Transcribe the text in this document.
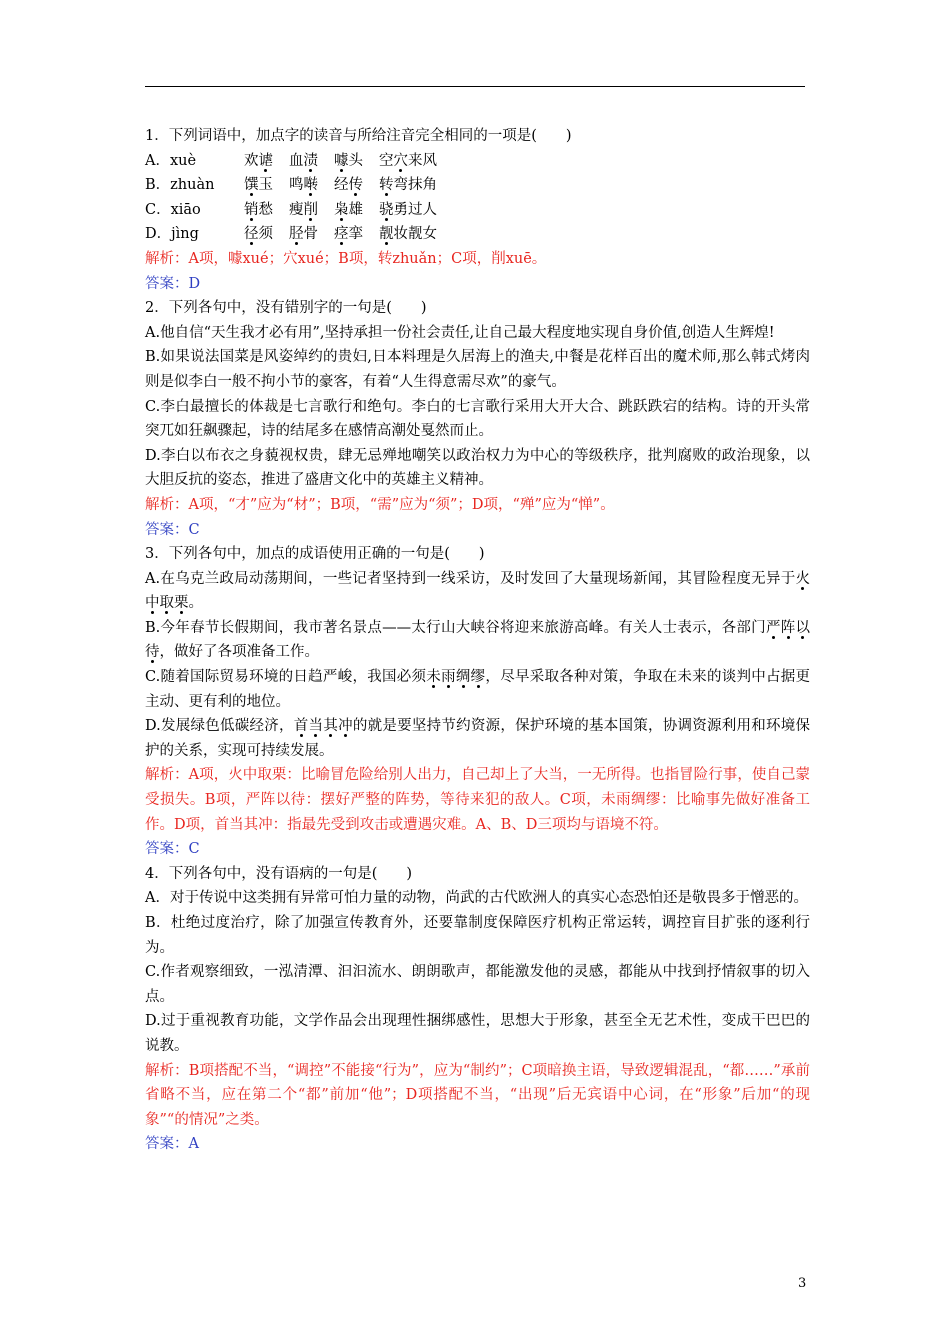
1．下列词语中，加点字的读音与所给注音完全相同的一项是(　　)
A．xuè	欢谑 血渍 噱头 空穴来风
B．zhuàn 馔玉 鸣啭 经传 转弯抹角
C．xiāo	销愁 瘦削 枭雄 骁勇过人
D．jìng	径须 胫骨 痉挛 靓妆靓女
解析：A项，噱xué；穴xué；B项，转zhuǎn；C项，削xuē。
答案：D
2．下列各句中，没有错别字的一句是(　　)
A.他自信“天生我才必有用”,坚持承担一份社会责任,让自己最大程度地实现自身价值,创造人生辉煌!
B.如果说法国菜是风姿绰约的贵妇,日本料理是久居海上的渔夫,中餐是花样百出的魔术师,那么韩式烤肉则是似李白一般不拘小节的豪客，有着“人生得意需尽欢”的豪气。
C.李白最擅长的体裁是七言歌行和绝句。李白的七言歌行采用大开大合、跳跃跌宕的结构。诗的开头常突兀如狂飙骤起，诗的结尾多在感情高潮处戛然而止。
D.李白以布衣之身藐视权贵，肆无忌殚地嘲笑以政治权力为中心的等级秩序，批判腐败的政治现象，以大胆反抗的姿态，推进了盛唐文化中的英雄主义精神。
解析：A项，“才”应为“材”；B项，“需”应为“须”；D项，“殚”应为“惮”。
答案：C
3．下列各句中，加点的成语使用正确的一句是(　　)
A.在乌克兰政局动荡期间，一些记者坚持到一线采访，及时发回了大量现场新闻，其冒险程度无异于火中取栗。
B.今年春节长假期间，我市著名景点——太行山大峡谷将迎来旅游高峰。有关人士表示，各部门严阵以待，做好了各项准备工作。
C.随着国际贸易环境的日趋严峻，我国必须未雨绸缪，尽早采取各种对策，争取在未来的谈判中占据更主动、更有利的地位。
D.发展绿色低碳经济，首当其冲的就是要坚持节约资源，保护环境的基本国策，协调资源利用和环境保护的关系，实现可持续发展。
解析：A项，火中取栗：比喻冒危险给别人出力，自己却上了大当，一无所得。也指冒险行事，使自己蒙受损失。B项，严阵以待：摆好严整的阵势，等待来犯的敌人。C项，未雨绸缪：比喻事先做好准备工作。D项，首当其冲：指最先受到攻击或遭遇灾难。A、B、D三项均与语境不符。
答案：C
4．下列各句中，没有语病的一句是(　　)
A．对于传说中这类拥有异常可怕力量的动物，尚武的古代欧洲人的真实心态恐怕还是敬畏多于憎恶的。
B．杜绝过度治疗，除了加强宣传教育外，还要靠制度保障医疗机构正常运转，调控盲目扩张的逐利行为。
C.作者观察细致，一泓清潭、汩汩流水、朗朗歌声，都能激发他的灵感，都能从中找到抒情叙事的切入点。
D.过于重视教育功能，文学作品会出现理性捆绑感性，思想大于形象，甚至全无艺术性，变成干巴巴的说教。
解析：B项搭配不当，“调控”不能接“行为”，应为“制约”；C项暗换主语，导致逻辑混乱，“都……”承前省略不当，应在第二个“都”前加“他”；D项搭配不当，“出现”后无宾语中心词，在“形象”后加“的现象”“的情况”之类。
答案：A
3
